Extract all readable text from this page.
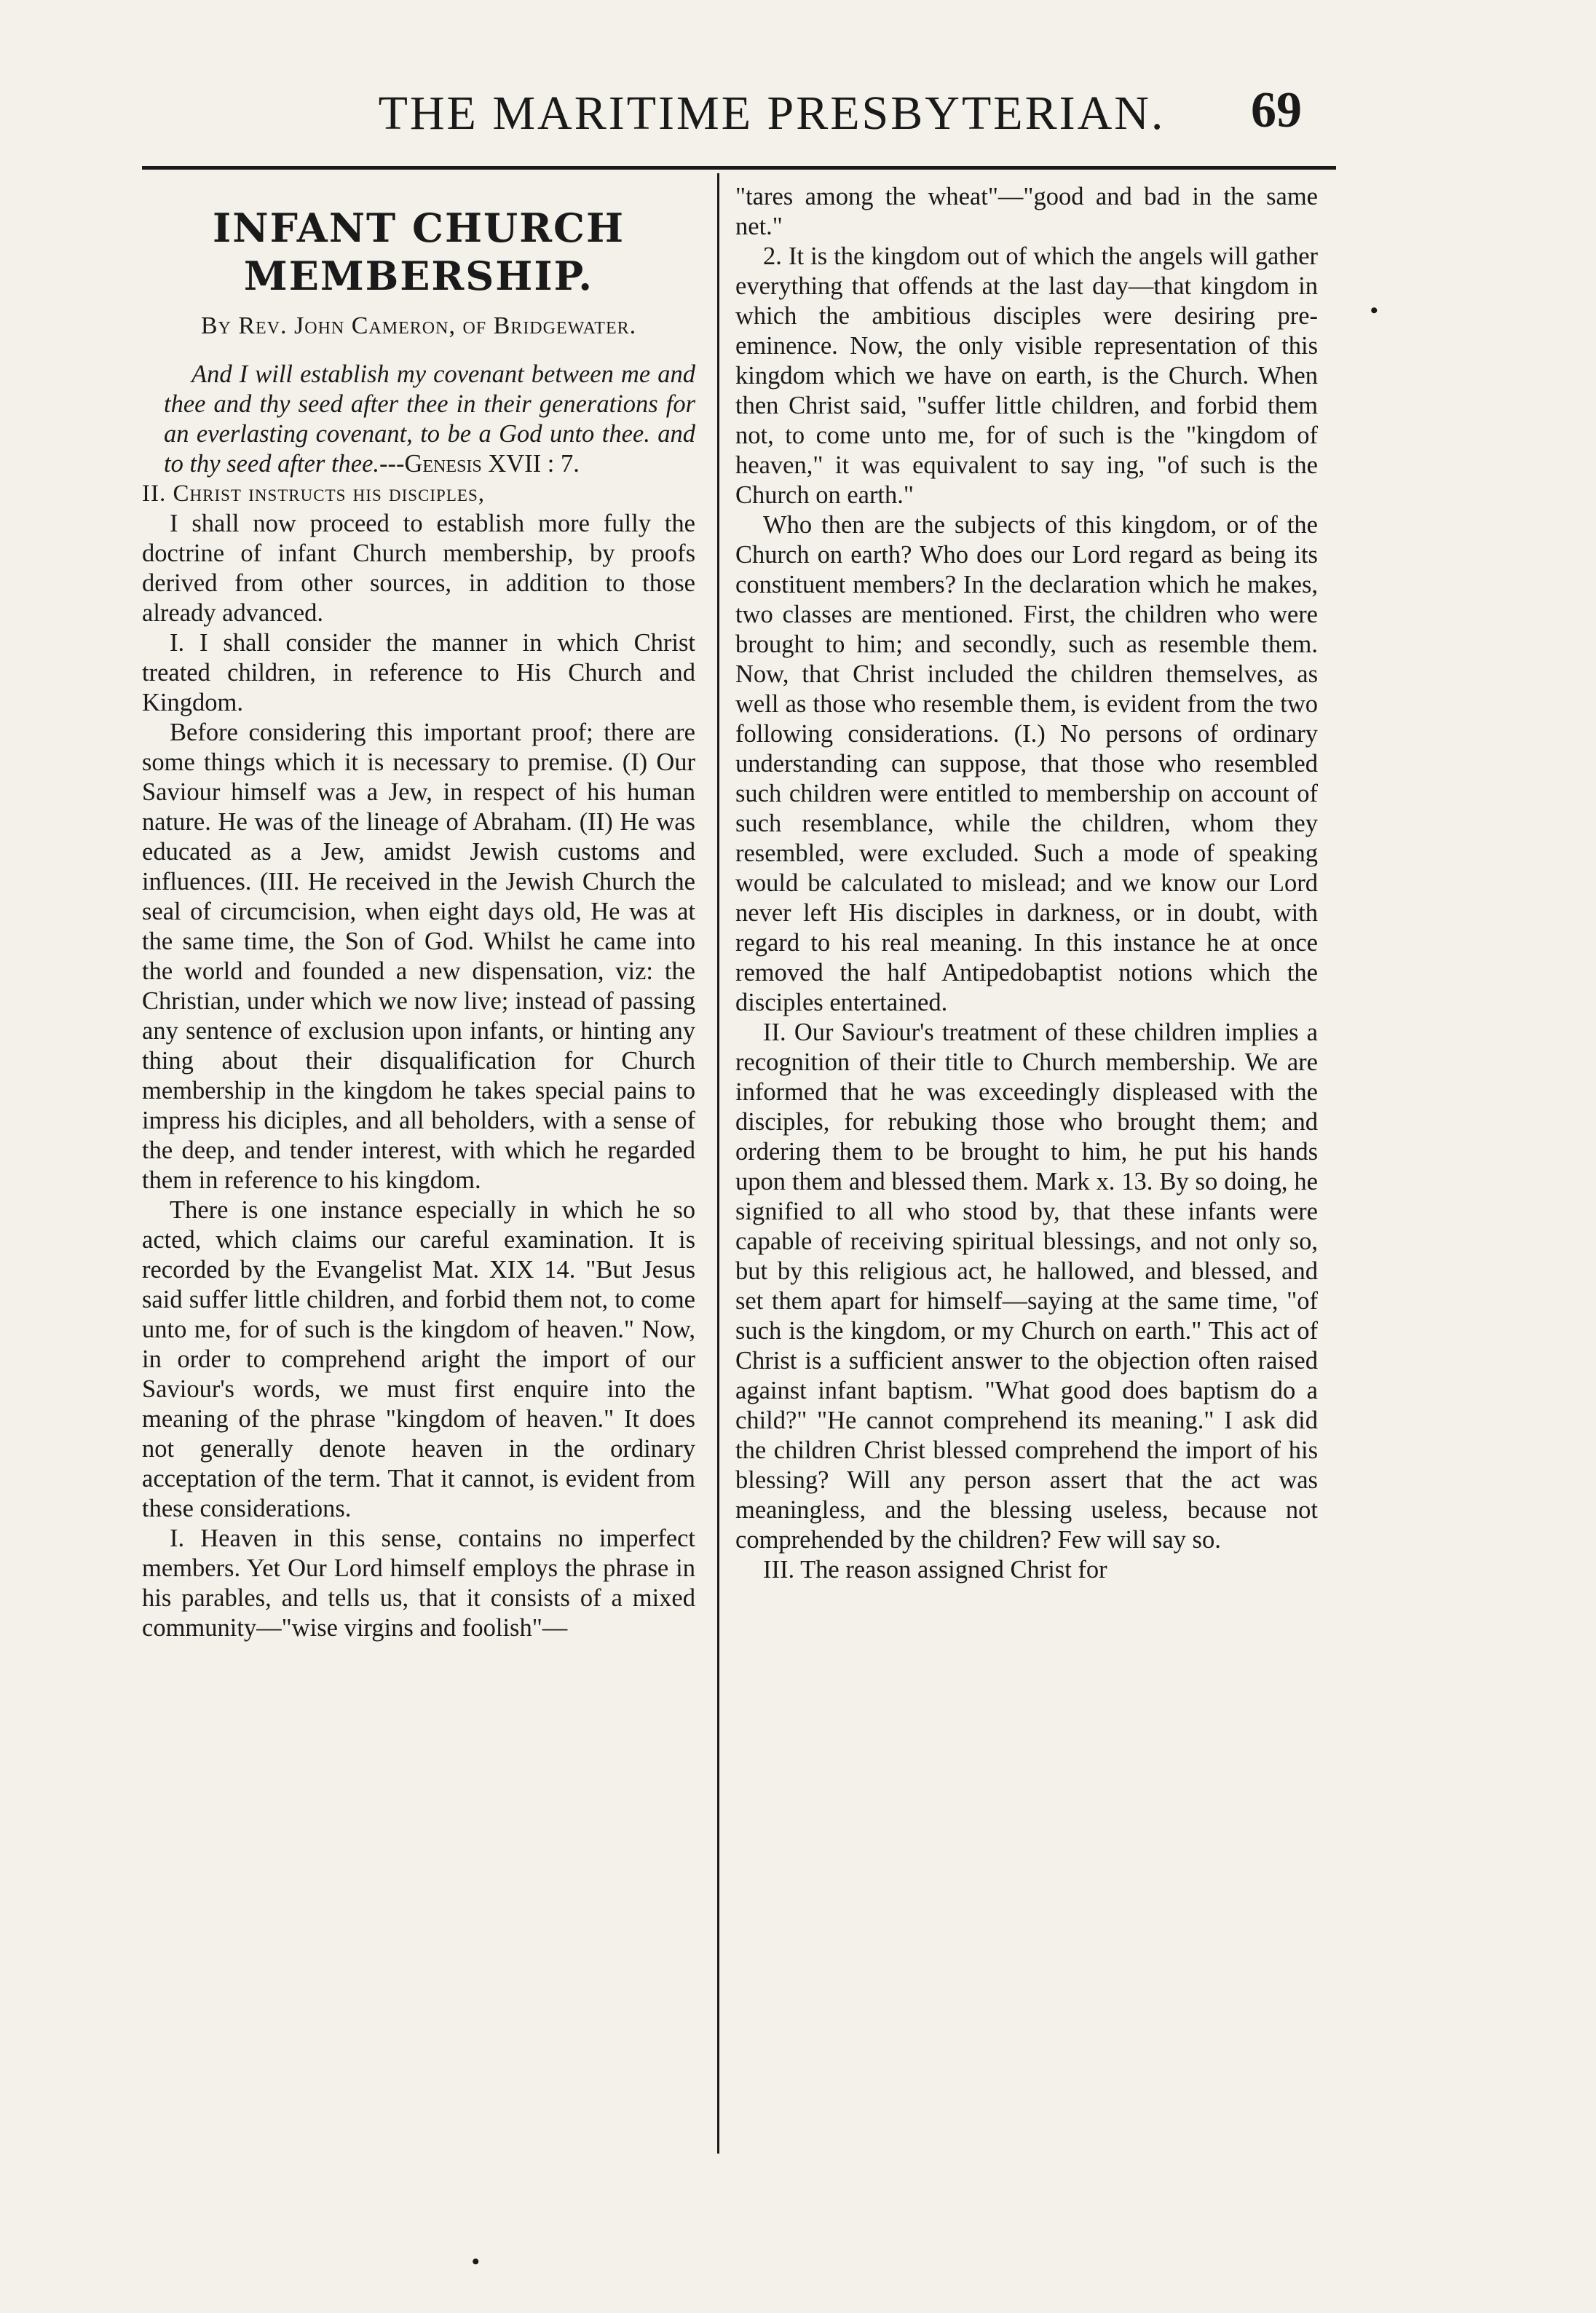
THE MARITIME PRESBYTERIAN.	69
INFANT CHURCH MEMBERSHIP.
By Rev. John Cameron, of Bridgewater.

And I will establish my covenant between me and thee and thy seed after thee in their generations for an everlasting covenant, to be a God unto thee. and to thy seed after thee.---Genesis XVII : 7.

II. Christ instructs his disciples,

I shall now proceed to establish more fully the doctrine of infant Church membership, by proofs derived from other sources, in addition to those already advanced.

I. I shall consider the manner in which Christ treated children, in reference to His Church and Kingdom.

Before considering this important proof; there are some things which it is necessary to premise. (I) Our Saviour himself was a Jew, in respect of his human nature. He was of the lineage of Abraham. (II) He was educated as a Jew, amidst Jewish customs and influences. (III. He received in the Jewish Church the seal of circumcision, when eight days old, He was at the same time, the Son of God. Whilst he came into the world and founded a new dispensation, viz: the Christian, under which we now live; instead of passing any sentence of exclusion upon infants, or hinting any thing about their disqualification for Church membership in the kingdom he takes special pains to impress his diciples, and all beholders, with a sense of the deep, and tender interest, with which he regarded them in reference to his kingdom.

There is one instance especially in which he so acted, which claims our careful examination. It is recorded by the Evangelist Mat. XIX 14. "But Jesus said suffer little children, and forbid them not, to come unto me, for of such is the kingdom of heaven." Now, in order to comprehend aright the import of our Saviour's words, we must first enquire into the meaning of the phrase "kingdom of heaven." It does not generally denote heaven in the ordinary acceptation of the term. That it cannot, is evident from these considerations.

I. Heaven in this sense, contains no imperfect members. Yet Our Lord himself employs the phrase in his parables, and tells us, that it consists of a mixed community—"wise virgins and foolish"—

"tares among the wheat"—"good and bad in the same net."

2. It is the kingdom out of which the angels will gather everything that offends at the last day—that kingdom in which the ambitious disciples were desiring pre-eminence. Now, the only visible representation of this kingdom which we have on earth, is the Church. When then Christ said, "suffer little children, and forbid them not, to come unto me, for of such is the "kingdom of heaven," it was equivalent to say ing, "of such is the Church on earth."

Who then are the subjects of this kingdom, or of the Church on earth? Who does our Lord regard as being its constituent members? In the declaration which he makes, two classes are mentioned. First, the children who were brought to him; and secondly, such as resemble them. Now, that Christ included the children themselves, as well as those who resemble them, is evident from the two following considerations. (I.) No persons of ordinary understanding can suppose, that those who resembled such children were entitled to membership on account of such resemblance, while the children, whom they resembled, were excluded. Such a mode of speaking would be calculated to mislead; and we know our Lord never left His disciples in darkness, or in doubt, with regard to his real meaning. In this instance he at once removed the half Antipedobaptist notions which the disciples entertained.

II. Our Saviour's treatment of these children implies a recognition of their title to Church membership. We are informed that he was exceedingly displeased with the disciples, for rebuking those who brought them; and ordering them to be brought to him, he put his hands upon them and blessed them. Mark x. 13. By so doing, he signified to all who stood by, that these infants were capable of receiving spiritual blessings, and not only so, but by this religious act, he hallowed, and blessed, and set them apart for himself—saying at the same time, "of such is the kingdom, or my Church on earth." This act of Christ is a sufficient answer to the objection often raised against infant baptism. "What good does baptism do a child?" "He cannot comprehend its meaning." I ask did the children Christ blessed comprehend the import of his blessing? Will any person assert that the act was meaningless, and the blessing useless, because not comprehended by the children? Few will say so.

III. The reason assigned Christ for

•
•
